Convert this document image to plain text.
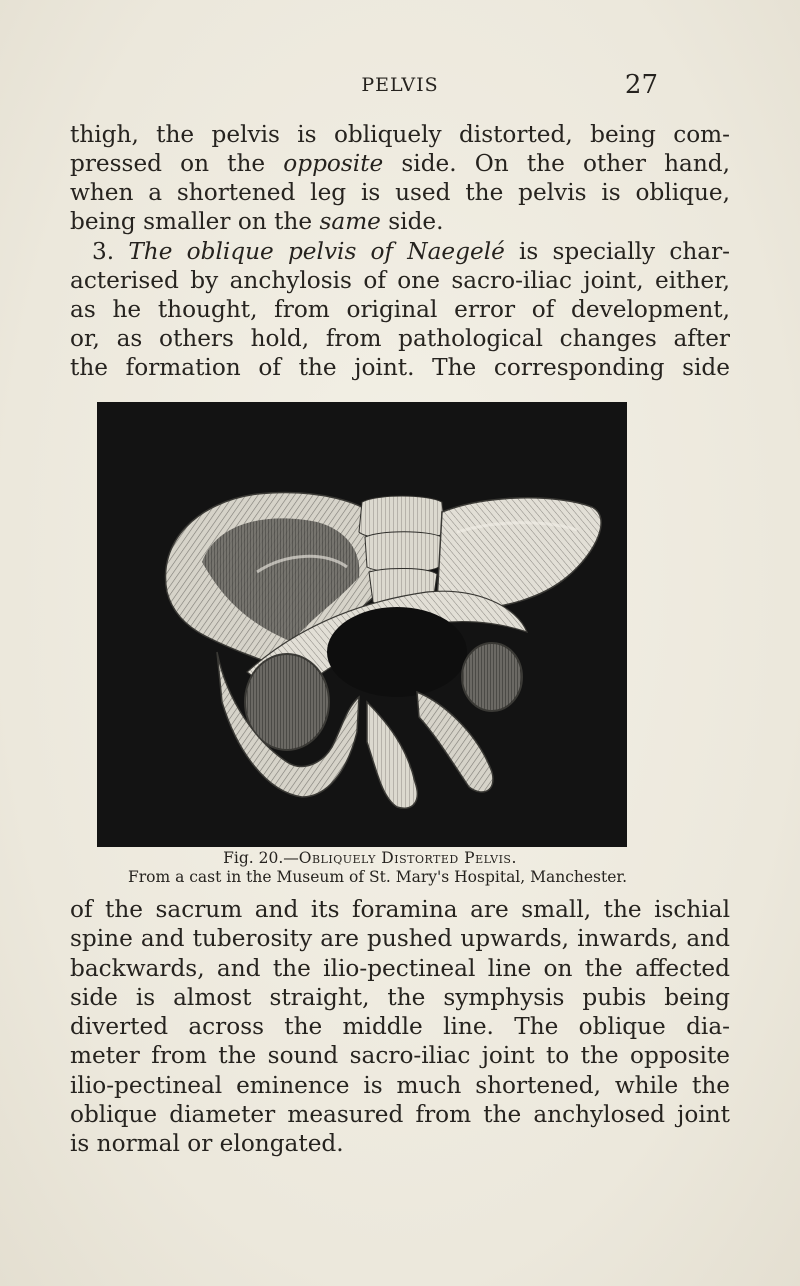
PELVIS	27

thigh, the pelvis is obliquely distorted, being com-
pressed on the opposite side. On the other hand,
when a shortened leg is used the pelvis is oblique,
being smaller on the same side.

3. The oblique pelvis of Naegelé is specially char-
acterised by anchylosis of one sacro-iliac joint, either,
as he thought, from original error of development,
or, as others hold, from pathological changes after
the formation of the joint. The corresponding side

Fig. 20.—Obliquely Distorted Pelvis.

From a cast in the Museum of St. Mary's Hospital, Manchester.

of the sacrum and its foramina are small, the ischial
spine and tuberosity are pushed upwards, inwards, and
backwards, and the ilio-pectineal line on the affected
side is almost straight, the symphysis pubis being
diverted across the middle line. The oblique dia-
meter from the sound sacro-iliac joint to the opposite
ilio-pectineal eminence is much shortened, while the
oblique diameter measured from the anchylosed joint
is normal or elongated.
